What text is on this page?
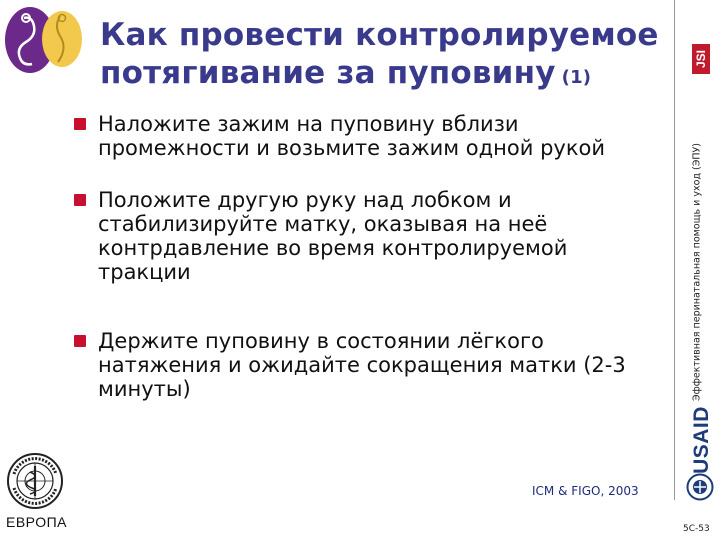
Как провести контролируемое
потягивание за пуповину (1)
Наложите зажим на пуповину вблизи промежности и возьмите зажим одной рукой
Положите другую руку над лобком и стабилизируйте матку, оказывая на неё контрдавление во время контролируемой тракции
Держите пуповину в состоянии лёгкого натяжения и ожидайте сокращения матки (2-3 минуты)
JSI
Эффективная перинатальная помощь и уход (ЭПУ)
USAID
ICM & FIGO, 2003
ЕВРОПА	5C-53
